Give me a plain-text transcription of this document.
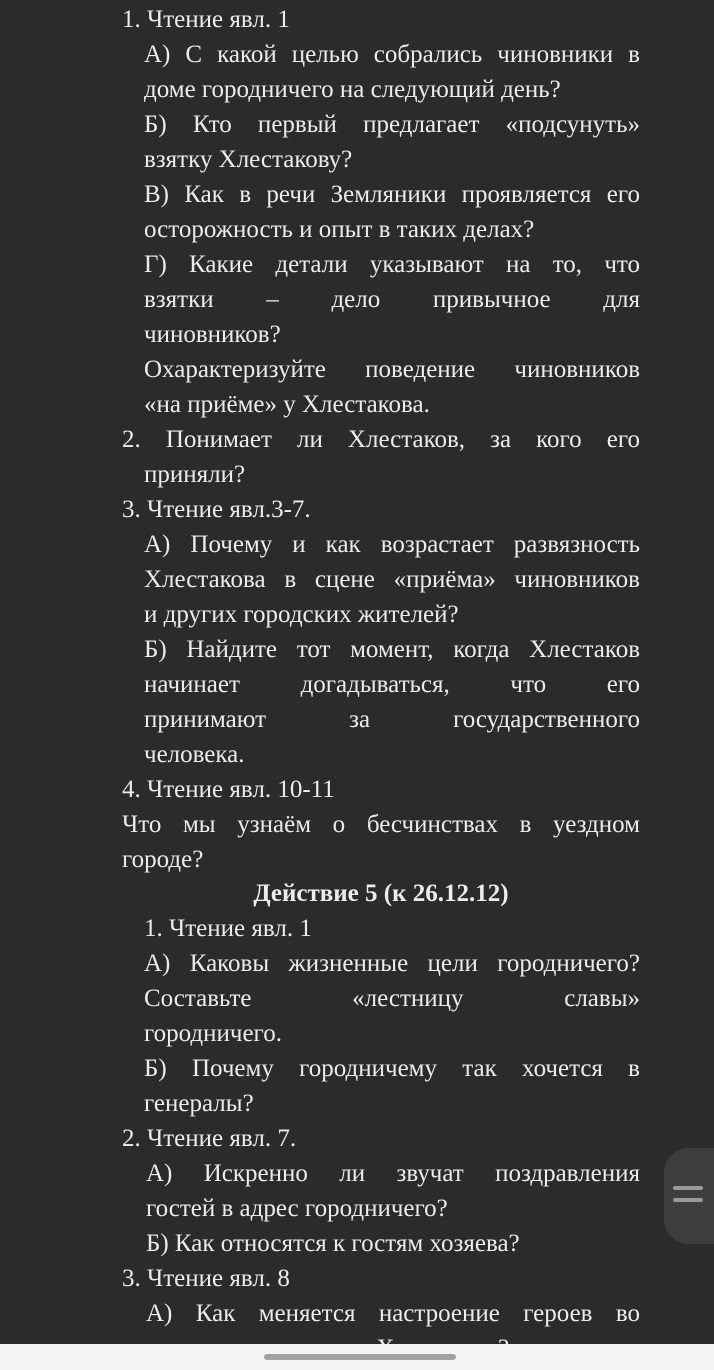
1. Чтение явл. 1
А) С какой целью собрались чиновники в
доме городничего на следующий день?
Б) Кто первый предлагает «подсунуть»
взятку Хлестакову?
В) Как в речи Земляники проявляется его
осторожность и опыт в таких делах?
Г) Какие детали указывают на то, что
взятки – дело привычное для
чиновников?
Охарактеризуйте поведение чиновников
«на приёме» у Хлестакова.
2. Понимает ли Хлестаков, за кого его
приняли?
3. Чтение явл.3-7.
А) Почему и как возрастает развязность
Хлестакова в сцене «приёма» чиновников
и других городских жителей?
Б) Найдите тот момент, когда Хлестаков
начинает догадываться, что его
принимают за государственного
человека.
4. Чтение явл. 10-11
Что мы узнаём о бесчинствах в уездном
городе?
Действие 5 (к 26.12.12)
1. Чтение явл. 1
А) Каковы жизненные цели городничего?
Составьте «лестницу славы»
городничего.
Б) Почему городничему так хочется в
генералы?
2. Чтение явл. 7.
А) Искренно ли звучат поздравления
гостей в адрес городничего?
Б) Как относятся к гостям хозяева?
3. Чтение явл. 8
А) Как меняется настроение героев во
